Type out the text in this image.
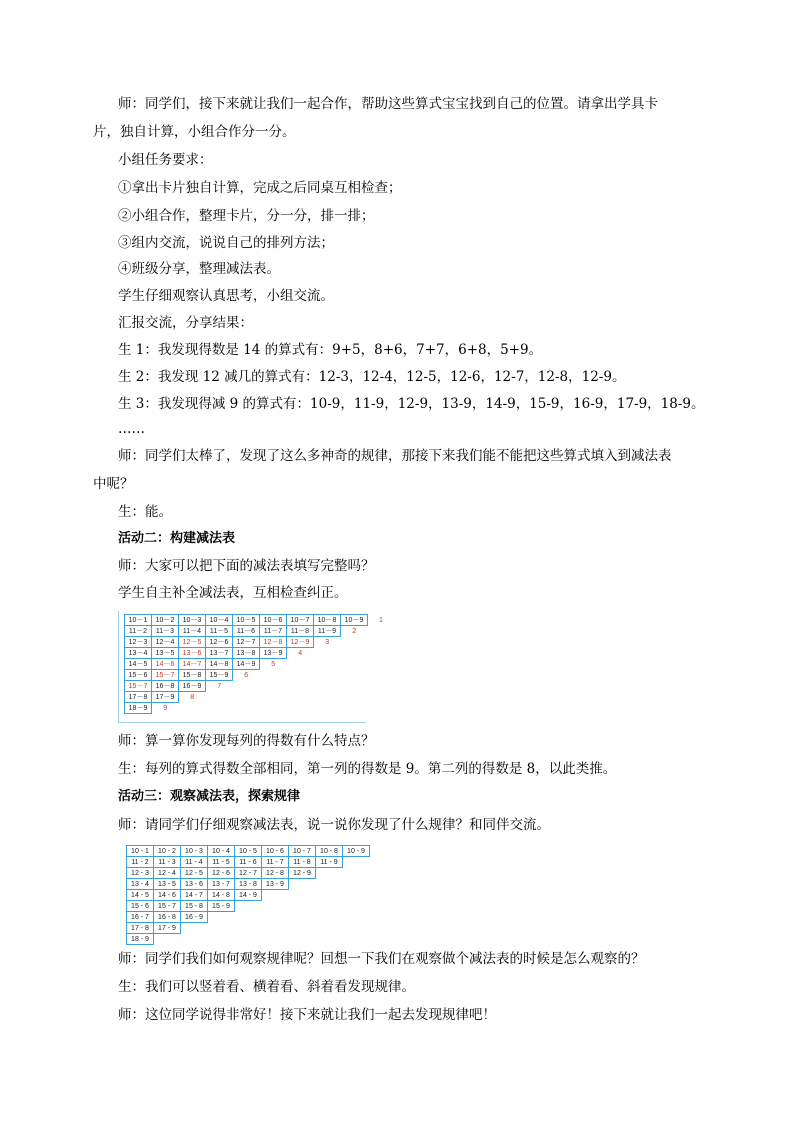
师：同学们，接下来就让我们一起合作，帮助这些算式宝宝找到自己的位置。请拿出学具卡
片，独自计算，小组合作分一分。
小组任务要求：
①拿出卡片独自计算，完成之后同桌互相检查；
②小组合作，整理卡片，分一分，排一排；
③组内交流，说说自己的排列方法；
④班级分享，整理减法表。
学生仔细观察认真思考，小组交流。
汇报交流，分享结果：
生 1：我发现得数是 14 的算式有：9+5，8+6，7+7，6+8，5+9。
生 2：我发现 12 减几的算式有：12-3，12-4，12-5，12-6，12-7，12-8，12-9。
生 3：我发现得减 9 的算式有：10-9，11-9，12-9，13-9，14-9，15-9，16-9，17-9，18-9。
……
师：同学们太棒了，发现了这么多神奇的规律，那接下来我们能不能把这些算式填入到减法表
中呢？
生：能。
活动二：构建减法表
师：大家可以把下面的减法表填写完整吗？
学生自主补全减法表，互相检查纠正。
10－1	10－2	10－3	10－4	10－5	10－6	10－7	10－8	10－9	1
11－2	11－3	11－4	11－5	11－6	11－7	11－8	11－9	2	
12－3	12－4	12－5	12－6	12－7	12－8	12－9	3		
13－4	13－5	13－6	13－7	13－8	13－9	4			
14－5	14－6	14－7	14－8	14－9	5				
15－6	15－7	15－8	15－9	6					
15－7	16－8	16－9	7						
17－8	17－9	8							
18－9	9								

师：算一算你发现每列的得数有什么特点？
生：每列的算式得数全部相同，第一列的得数是 9。第二列的得数是 8，以此类推。
活动三：观察减法表，探索规律
师：请同学们仔细观察减法表，说一说你发现了什么规律？和同伴交流。
10 - 1	10 - 2	10 - 3	10 - 4	10 - 5	10 - 6	10 - 7	10 - 8	10 - 9
11 - 2	11 - 3	11 - 4	11 - 5	11 - 6	11 - 7	11 - 8	11 - 9	
12 - 3	12 - 4	12 - 5	12 - 6	12 - 7	12 - 8	12 - 9		
13 - 4	13 - 5	13 - 6	13 - 7	13 - 8	13 - 9			
14 - 5	14 - 6	14 - 7	14 - 8	14 - 9				
15 - 6	15 - 7	15 - 8	15 - 9					
16 - 7	16 - 8	16 - 9						
17 - 8	17 - 9							
18 - 9								
师：同学们我们如何观察规律呢？回想一下我们在观察做个减法表的时候是怎么观察的？
生：我们可以竖着看、横着看、斜着看发现规律。
师：这位同学说得非常好！接下来就让我们一起去发现规律吧！
